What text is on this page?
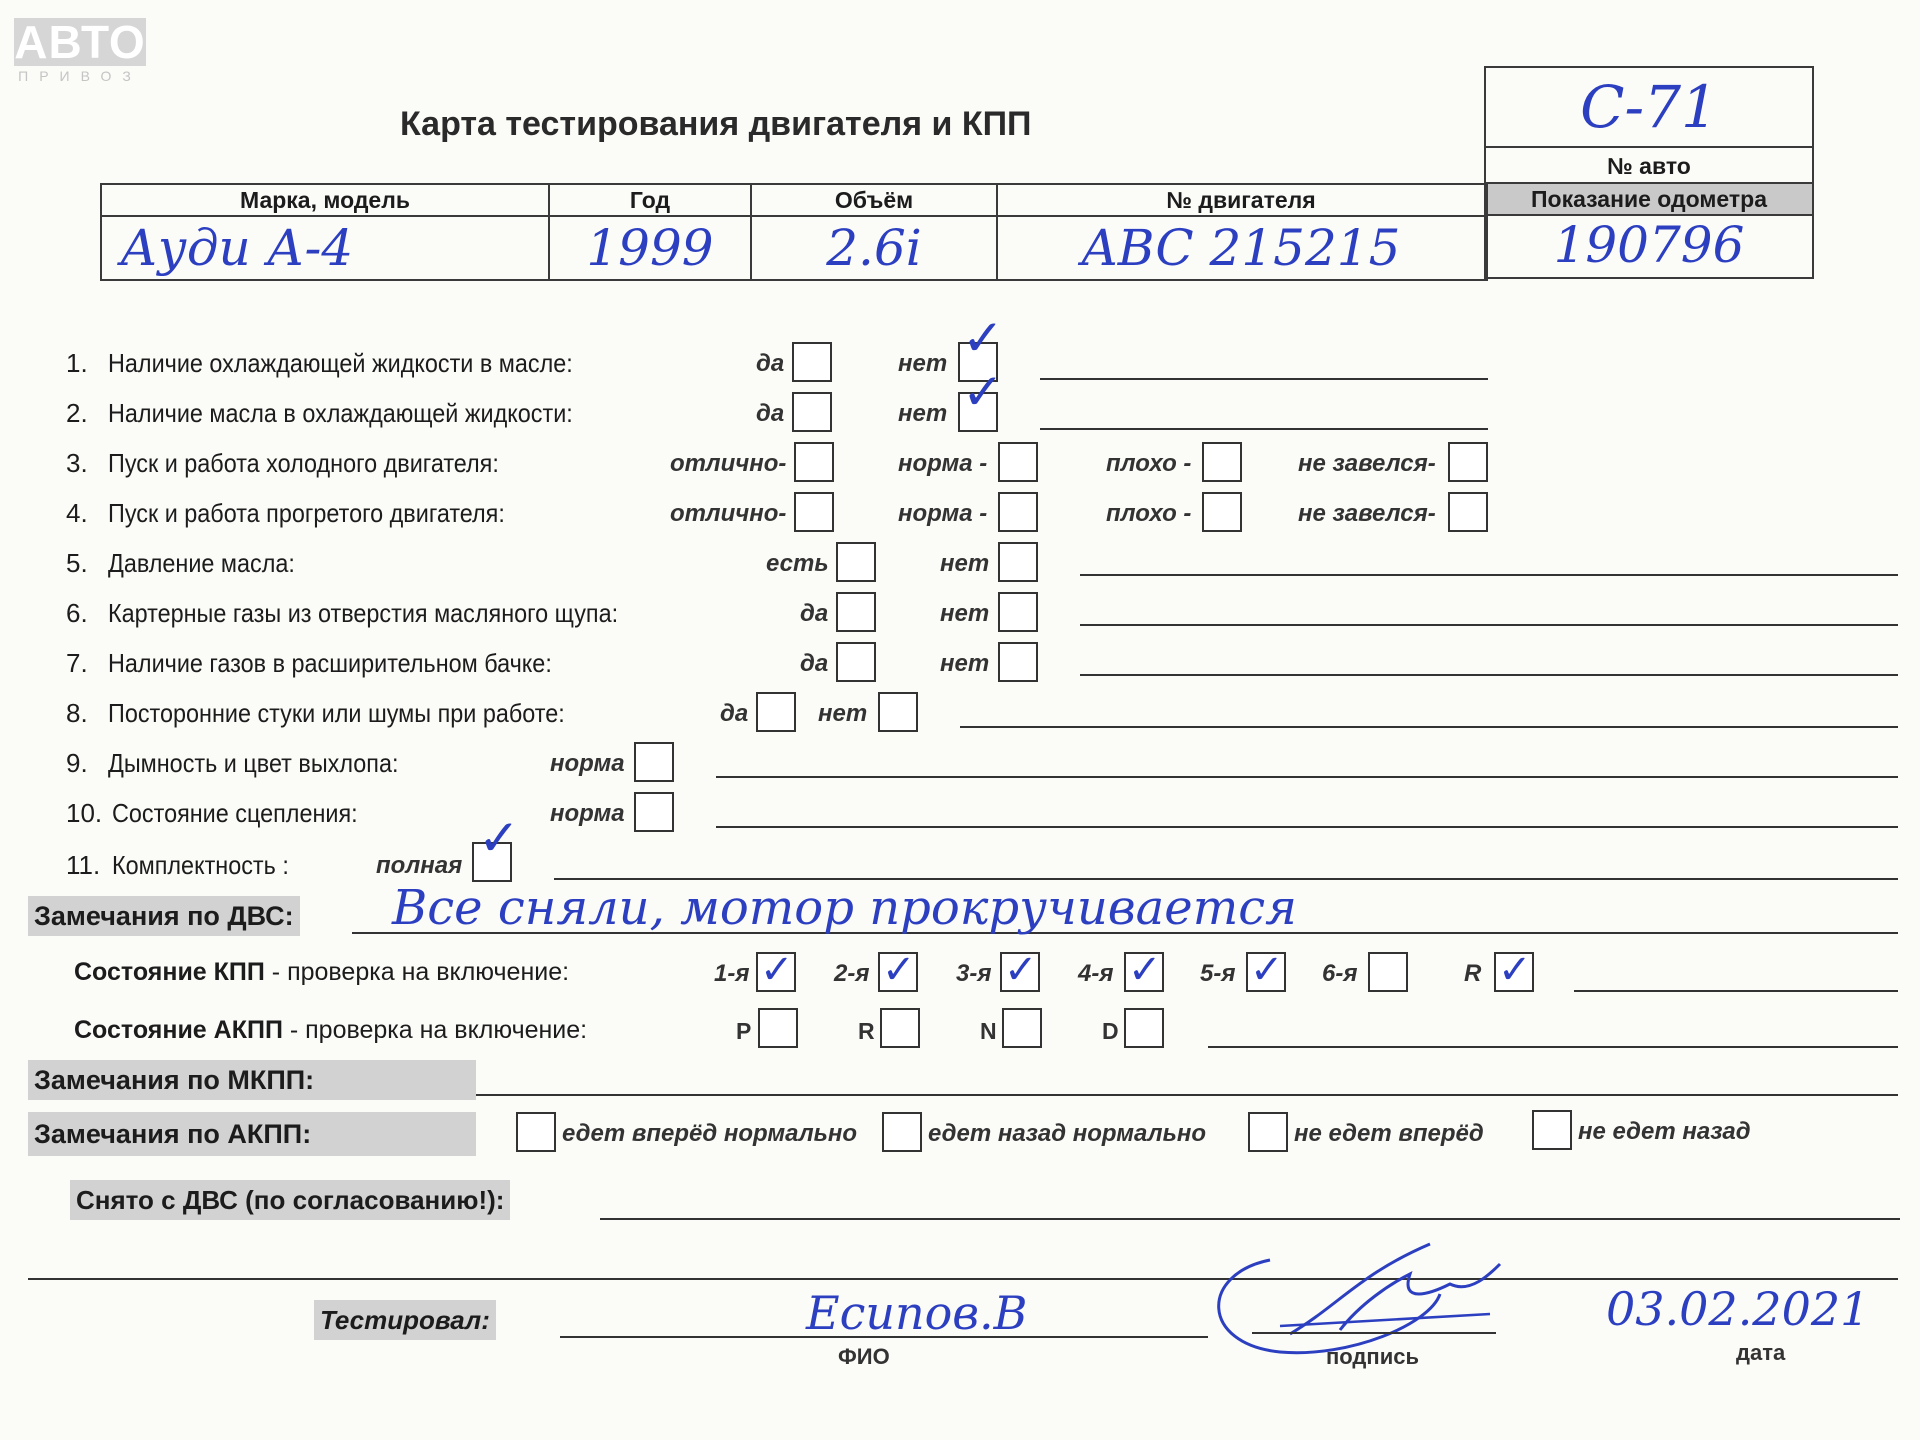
АВТО
ПРИВОЗ
Карта тестирования двигателя и КПП	С-71
№ авто
Показание одометра
190796
Марка, модель
Ауди А-4
Год
1999
Объём
2.6i
№ двигателя
ABC 215215
1. Наличие охлаждающей жидкости в масле:	да	нет ✓
2. Наличие масла в охлаждающей жидкости:	да	нет ✓
3. Пуск и работа холодного двигателя:	отлично-	норма -	плохо -	не завелся-
4. Пуск и работа прогретого двигателя:	отлично-	норма -	плохо -	не завелся-
5. Давление масла:	есть	нет
6. Картерные газы из отверстия масляного щупа:	да	нет
7. Наличие газов в расширительном бачке:	да	нет
8. Посторонние стуки или шумы при работе:	да	нет
9. Дымность и цвет выхлопа:	норма
10. Состояние сцепления:	норма
11. Комплектность :	полная ✓
Замечания по ДВС: Все сняли, мотор прокручивается
Состояние КПП - проверка на включение:	1-я ✓ 2-я ✓ 3-я ✓ 4-я ✓ 5-я ✓ 6-я	R ✓
Состояние АКПП - проверка на включение:	P	R	N	D
Замечания по МКПП:
Замечания по АКПП:	едет вперёд нормально	едет назад нормально	не едет вперёд	не едет назад
Снято с ДВС (по согласованию!):
Тестировал:	Есипов.В
ФИО	подпись
03.02.2021
дата
